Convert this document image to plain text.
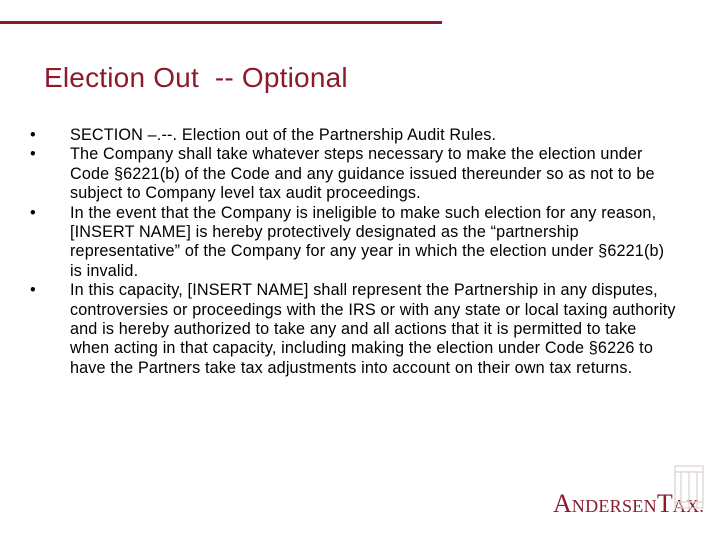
Election Out  -- Optional
•	SECTION –.--. Election out of the Partnership Audit Rules.
•	The Company shall take whatever steps necessary to make the election under Code §6221(b) of the Code and any guidance issued thereunder so as not to be subject to Company level tax audit proceedings.
•	In the event that the Company is ineligible to make such election for any reason, [INSERT NAME] is hereby protectively designated as the “partnership representative” of the Company for any year in which the election under §6221(b) is invalid.
•	In this capacity, [INSERT NAME] shall represent the Partnership in any disputes, controversies or proceedings with the IRS or with any state or local taxing authority and is hereby authorized to take any and all actions that it is permitted to take when acting in that capacity, including making the election under Code §6226 to have the Partners take tax adjustments into account on their own tax returns.
ANDERSENTAX.
